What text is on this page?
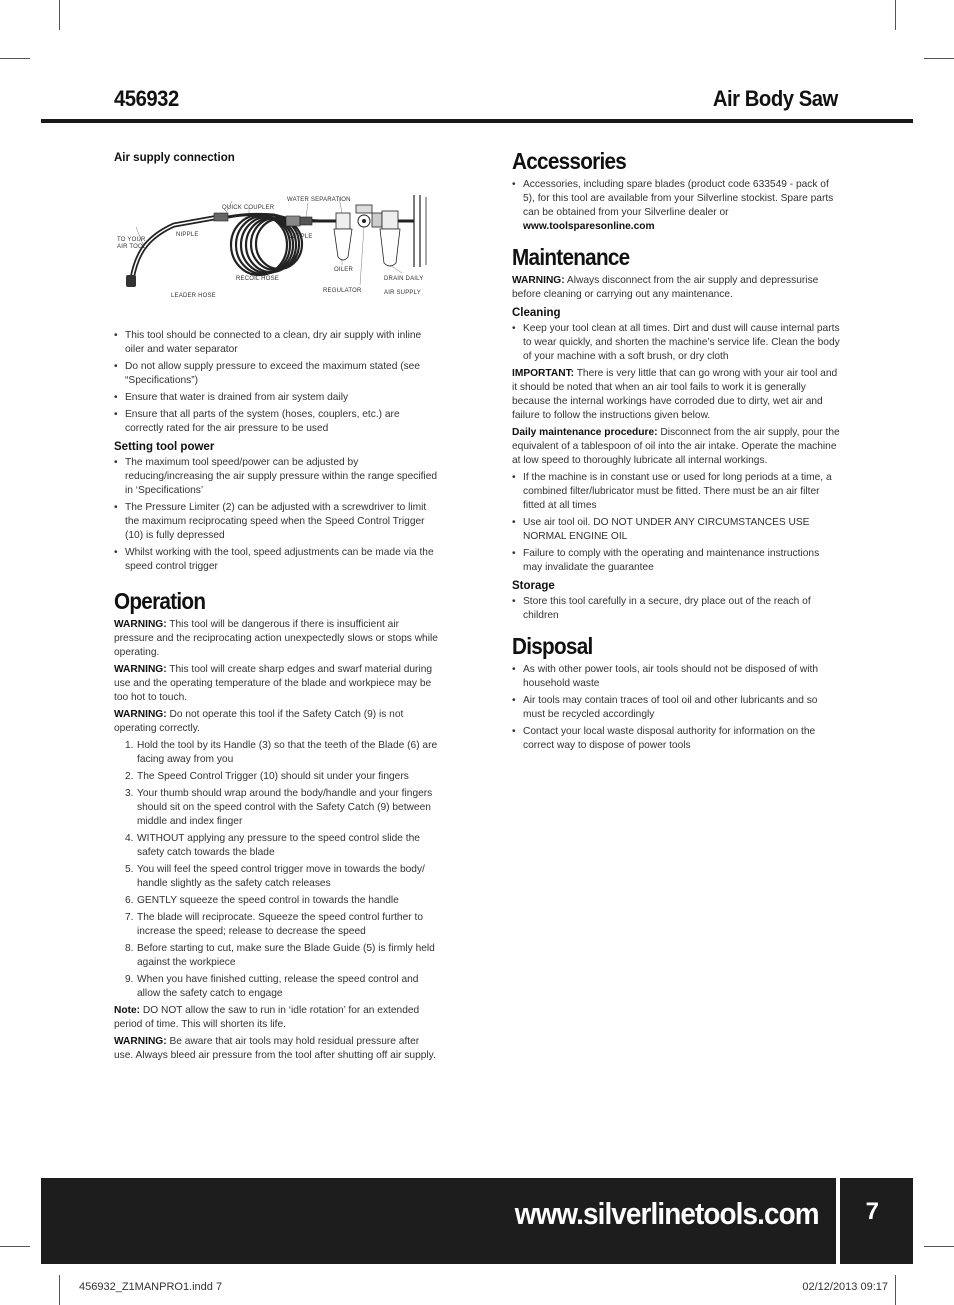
456932	Air Body Saw
Air supply connection
WATER SEPARATION
QUICK COUPLER
TO YOUR
AIR TOOL
NIPPLE	NIPPLE
OILER
RECOIL HOSE	DRAIN DAILY
REGULATOR	AIR SUPPLY
LEADER HOSE
• This tool should be connected to a clean, dry air supply with inline oiler and water separator
• Do not allow supply pressure to exceed the maximum stated (see “Specifications”)
• Ensure that water is drained from air system daily
• Ensure that all parts of the system (hoses, couplers, etc.) are correctly rated for the air pressure to be used
Setting tool power
• The maximum tool speed/power can be adjusted by reducing/increasing the air supply pressure within the range specified in ‘Specifications’
• The Pressure Limiter (2) can be adjusted with a screwdriver to limit the maximum reciprocating speed when the Speed Control Trigger (10) is fully depressed
• Whilst working with the tool, speed adjustments can be made via the speed control trigger
Operation

WARNING: This tool will be dangerous if there is insufficient air pressure and the reciprocating action unexpectedly slows or stops while operating.

WARNING: This tool will create sharp edges and swarf material during use and the operating temperature of the blade and workpiece may be too hot to touch.

WARNING: Do not operate this tool if the Safety Catch (9) is not operating correctly.

1. Hold the tool by its Handle (3) so that the teeth of the Blade (6) are facing away from you
2. The Speed Control Trigger (10) should sit under your fingers
3. Your thumb should wrap around the body/handle and your fingers should sit on the speed control with the Safety Catch (9) between middle and index finger
4. WITHOUT applying any pressure to the speed control slide the safety catch towards the blade
5. You will feel the speed control trigger move in towards the body/ handle slightly as the safety catch releases
6. GENTLY squeeze the speed control in towards the handle
7. The blade will reciprocate. Squeeze the speed control further to increase the speed; release to decrease the speed
8. Before starting to cut, make sure the Blade Guide (5) is firmly held against the workpiece
9. When you have finished cutting, release the speed control and allow the safety catch to engage

Note: DO NOT allow the saw to run in ‘idle rotation’ for an extended period of time. This will shorten its life.

WARNING: Be aware that air tools may hold residual pressure after use. Always bleed air pressure from the tool after shutting off air supply.

Accessories
• Accessories, including spare blades (product code 633549 - pack of 5), for this tool are available from your Silverline stockist. Spare parts can be obtained from your Silverline dealer or www.toolsparesonline.com
Maintenance

WARNING: Always disconnect from the air supply and depressurise before cleaning or carrying out any maintenance.

Cleaning
• Keep your tool clean at all times. Dirt and dust will cause internal parts to wear quickly, and shorten the machine’s service life. Clean the body of your machine with a soft brush, or dry cloth

IMPORTANT: There is very little that can go wrong with your air tool and it should be noted that when an air tool fails to work it is generally because the internal workings have corroded due to dirty, wet air and failure to follow the instructions given below.

Daily maintenance procedure: Disconnect from the air supply, pour the equivalent of a tablespoon of oil into the air intake. Operate the machine at low speed to thoroughly lubricate all internal workings.

• If the machine is in constant use or used for long periods at a time, a combined filter/lubricator must be fitted. There must be an air filter fitted at all times
• Use air tool oil. DO NOT UNDER ANY CIRCUMSTANCES USE NORMAL ENGINE OIL
• Failure to comply with the operating and maintenance instructions may invalidate the guarantee
Storage
• Store this tool carefully in a secure, dry place out of the reach of children
Disposal
• As with other power tools, air tools should not be disposed of with household waste
• Air tools may contain traces of tool oil and other lubricants and so must be recycled accordingly
• Contact your local waste disposal authority for information on the correct way to dispose of power tools
www.silverlinetools.com 7
456932_Z1MANPRO1.indd 7	02/12/2013 09:17
